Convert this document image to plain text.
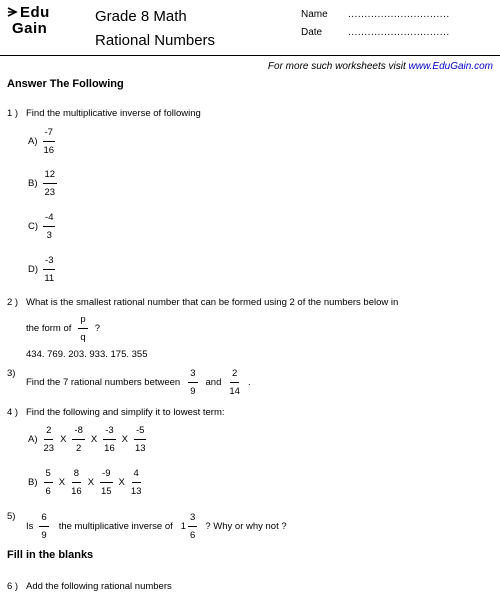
Edu
Gain
Grade 8 Math
Rational Numbers
Name ...............................
Date	...............................
For more such worksheets visit www.EduGain.com
Answer The Following
1 ) Find the multiplicative inverse of following
$A) \frac{-7}{16}$
$B) \frac{12}{23}$
$C) \frac{-4}{3}$
$D) \frac{-3}{11}$
2 ) What is the smallest rational number that can be formed using 2 of the numbers below in
the form of $\frac{p}{q}$ ?
434. 769. 203. 933. 175. 355
3)
Find the 7 rational numbers between $\frac{3}{9}$ and $\frac{2}{14}$ .
4 ) Find the following and simplify it to lowest term:
$A) \frac{2}{23}$ X $\frac{-8}{2}$ X $\frac{-3}{16}$ X $\frac{-5}{13}$
$B) \frac{5}{6}$ X $\frac{8}{16}$ X $\frac{-9}{15}$ X $\frac{4}{13}$
5)
Is $\frac{6}{9}$ the multiplicative inverse of $1 \frac{3}{6}$ ? Why or why not ?
Fill in the blanks
6 ) Add the following rational numbers
